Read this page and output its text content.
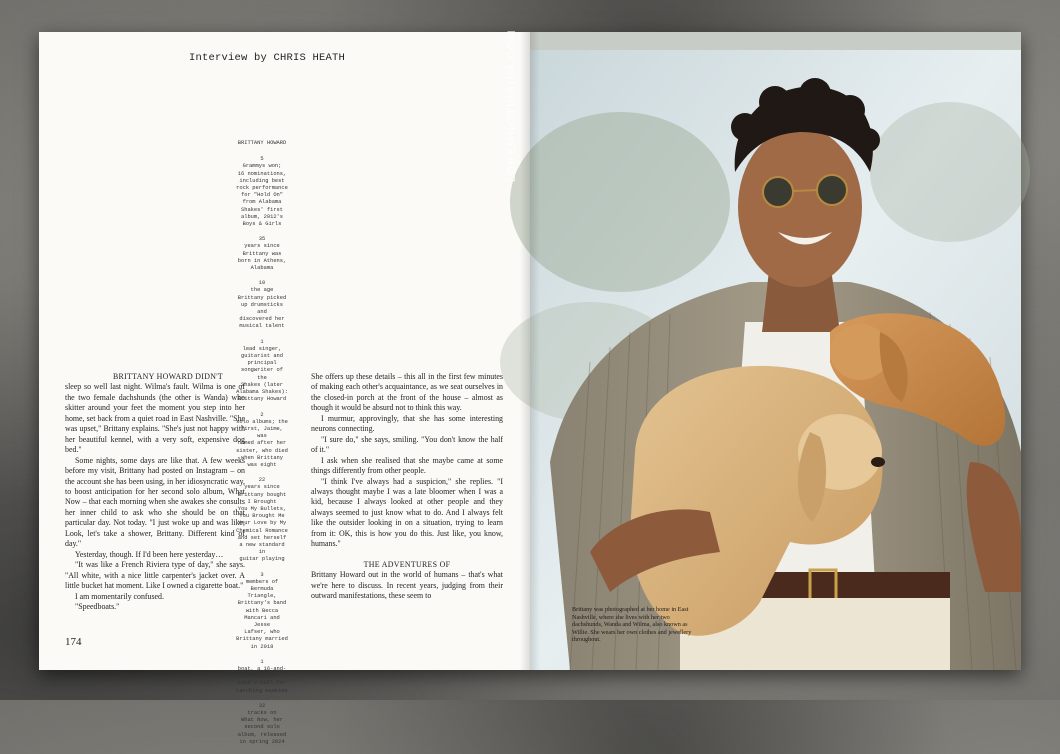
Interview by CHRIS HEATH
BRITTANY HOWARD
5
Grammys won;
16 nominations,
including best
rock performance
for "Hold On"
from Alabama
Shakes' first
album, 2012's
Boys & Girls
35
years since
Brittany was
born in Athens,
Alabama
10
the age
Brittany picked
up drumsticks and
discovered her
musical talent
1
lead singer,
guitarist and
principal
songwriter of the
Shakes (later
Alabama Shakes):
Brittany Howard
2
solo albums; the
first, Jaime, was
named after her
sister, who died
when Brittany
was eight
22
years since
Brittany bought
I Brought
You My Bullets,
You Brought Me
Your Love by My
Chemical Romance
and set herself
a new standard in
guitar playing
3
members of
Bermuda Triangle,
Brittany's band
with Becca
Mancari and Jesse
Lafser, who
Brittany married
in 2018
1
boat, a 16-and-
a-half-foot
Land V-hull for
catching muskies
32
tracks on
What Now, her
second solo
album, released
in spring 2024
BRITTANY HOWARD DIDN'T

sleep so well last night. Wilma's fault. Wilma is one of the two female dachshunds (the other is Wanda) who skitter around your feet the moment you step into her home, set back from a quiet road in East Nashville. "She was upset," Brittany explains. "She's just not happy with her beautiful kennel, with a very soft, expensive dog bed."

Some nights, some days are like that. A few weeks before my visit, Brittany had posted on Instagram – on the account she has been using, in her idiosyncratic way, to boost anticipation for her second solo album, What Now – that each morning when she awakes she consults her inner child to ask who she should be on that particular day. Not today. "I just woke up and was like, Look, let's take a shower, Brittany. Different kind of day."

Yesterday, though. If I'd been here yesterday…

"It was like a French Riviera type of day," she says. "All white, with a nice little carpenter's jacket over. A little bucket hat moment. Like I owned a cigarette boat."

I am momentarily confused.

"Speedboats."

She offers up these details – this all in the first few minutes of making each other's acquaintance, as we seat ourselves in the closed-in porch at the front of the house – almost as though it would be absurd not to think this way.

I murmur, approvingly, that she has some interesting neurons connecting.

"I sure do," she says, smiling. "You don't know the half of it."

I ask when she realised that she maybe came at some things differently from other people.

"I think I've always had a suspicion," she replies. "I always thought maybe I was a late bloomer when I was a kid, because I always looked at other people and they always seemed to just know what to do. And I always felt like the outsider looking in on a situation, trying to learn from it: OK, this is how you do this. Just like, you know, humans."

THE ADVENTURES OF

Brittany Howard out in the world of humans – that's what we're here to discuss. In recent years, judging from their outward manifestations, these seem to

174
Brittany was photographed at her home in East Nashville, where she lives with her two dachshunds, Wanda and Wilma, also known as Willie. She wears her own clothes and jewellery throughout.
LOREMNOTIPSUM.COM
